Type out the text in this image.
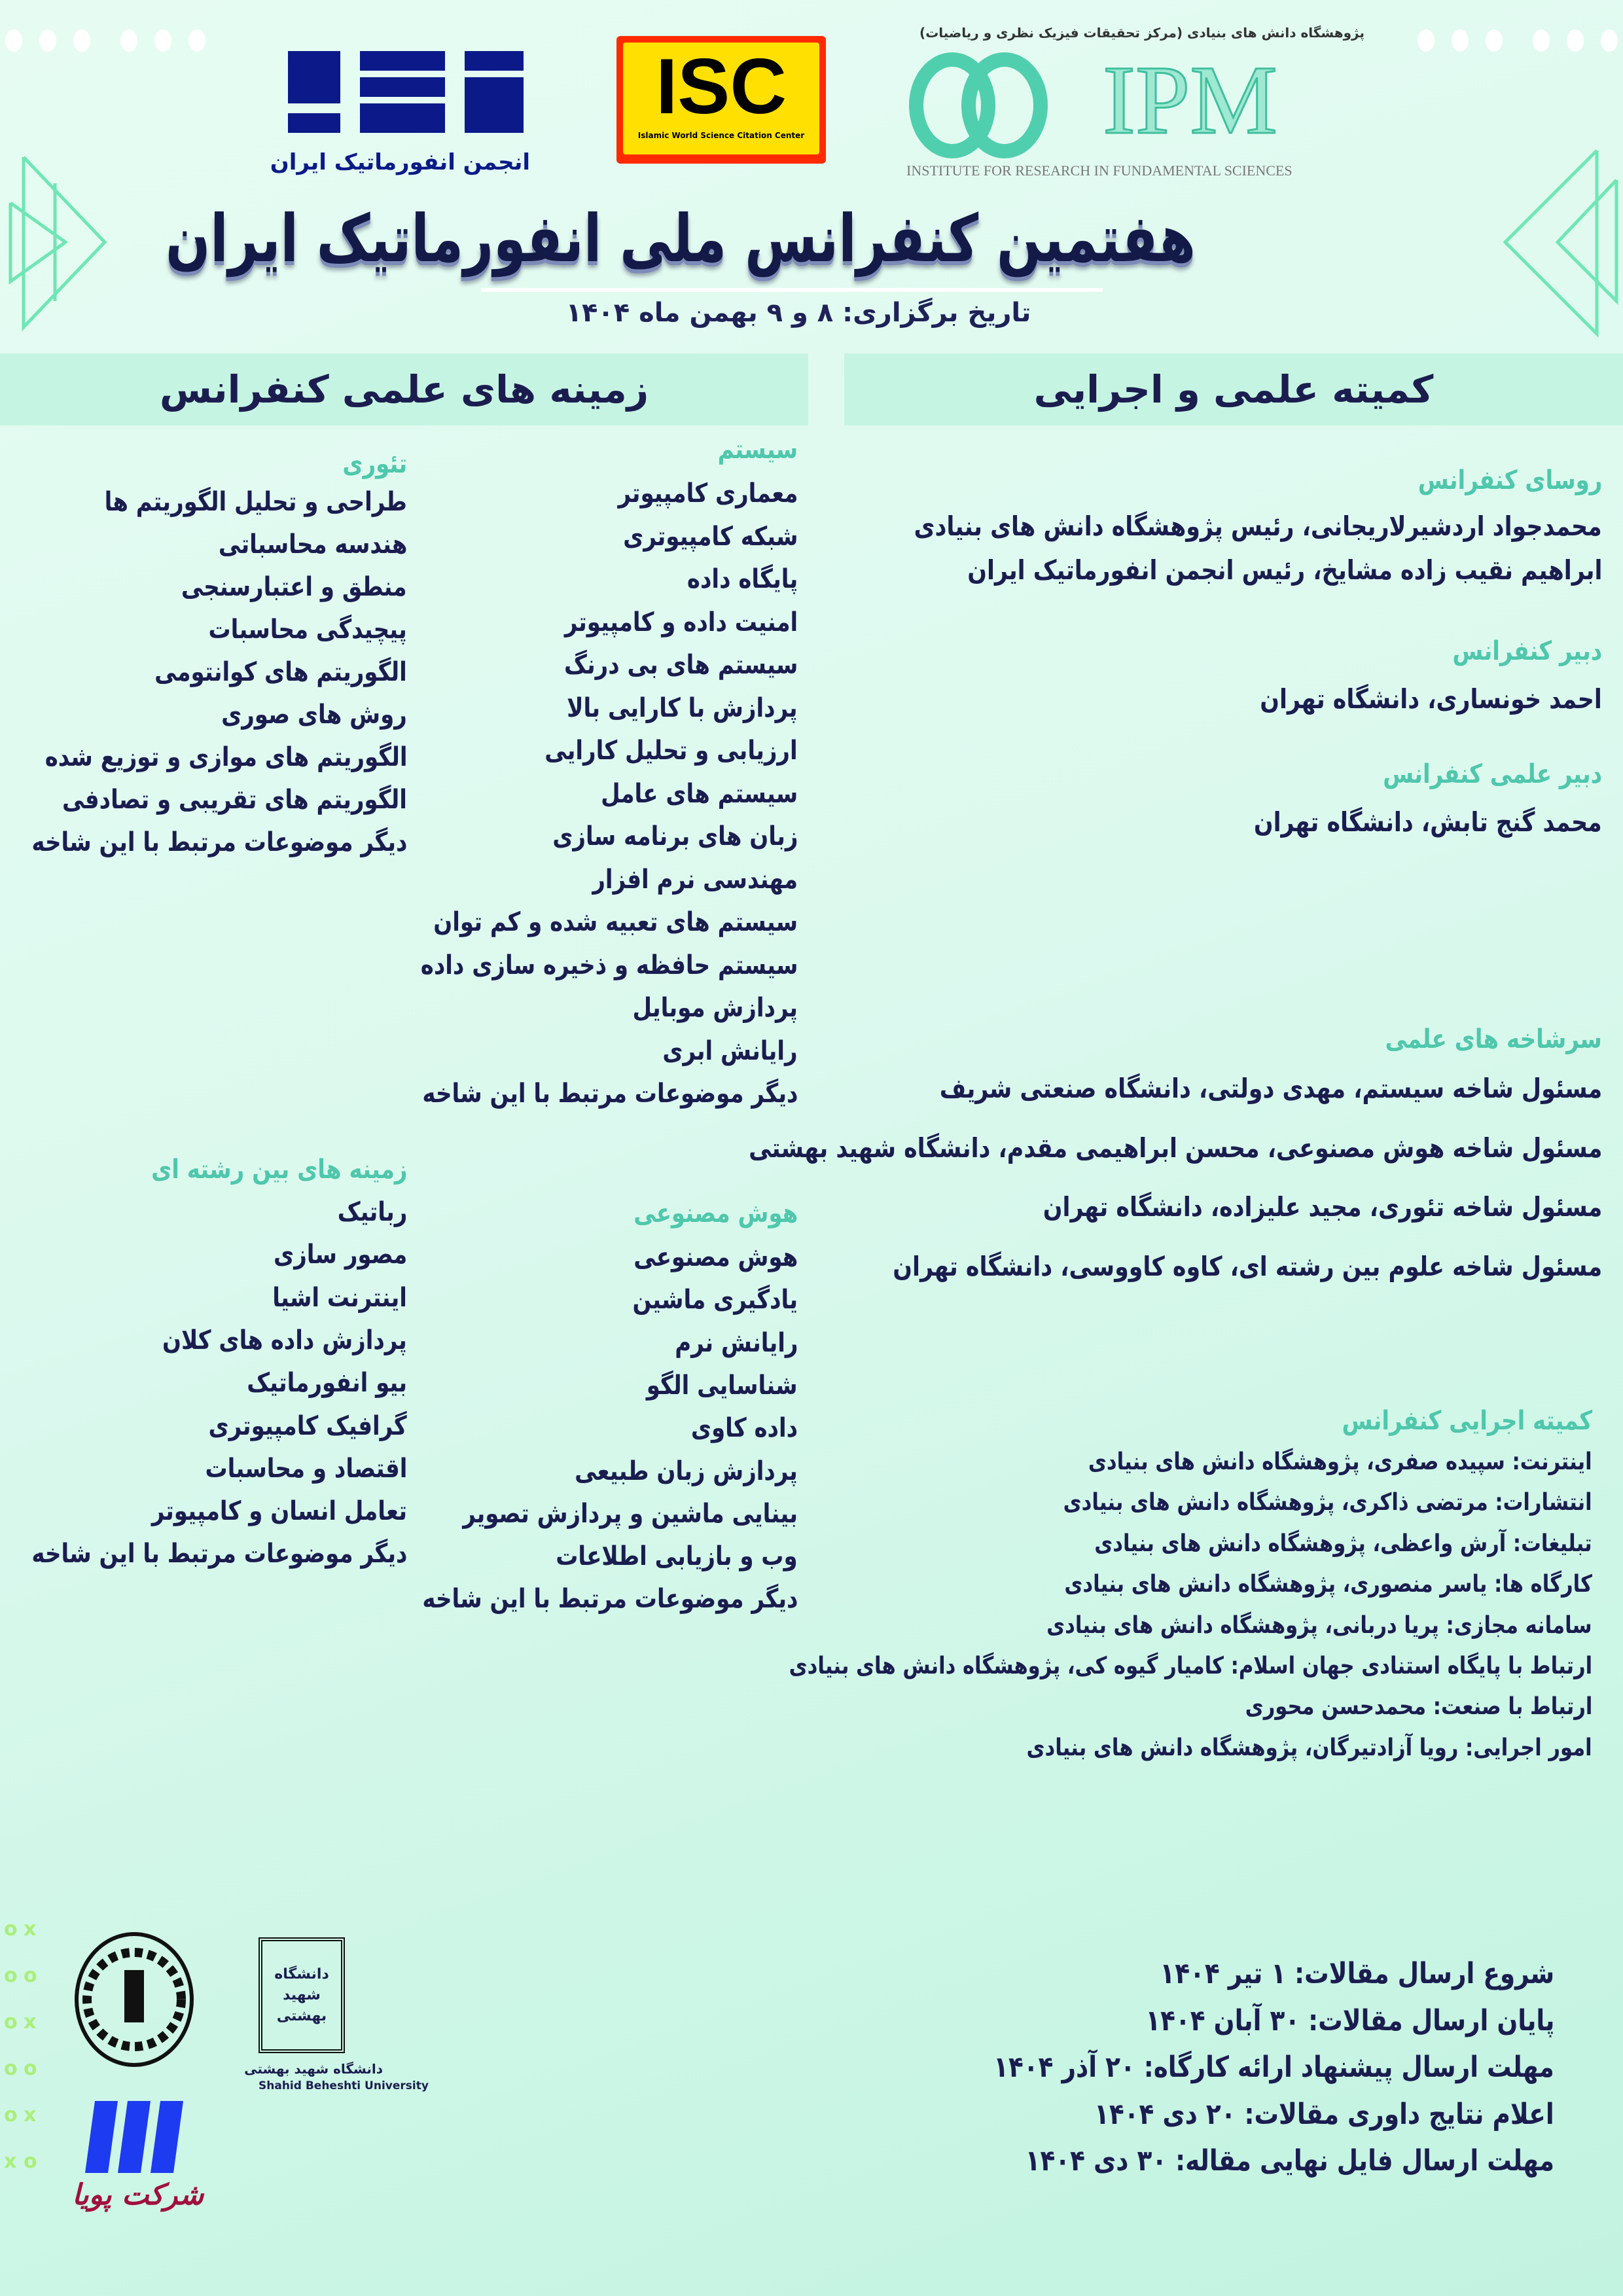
انجمن انفورماتیک ایران
ISC
Islamic World Science Citation Center
پژوهشگاه دانش های بنیادی (مرکز تحقیقات فیزیک نظری و ریاضیات)
IPM
INSTITUTE FOR RESEARCH IN FUNDAMENTAL SCIENCES
هفتمین کنفرانس ملی انفورماتیک ایران
تاریخ برگزاری: ۸ و ۹ بهمن ماه ۱۴۰۴
زمینه های علمی کنفرانس	کمیته علمی و اجرایی
تئوری
طراحی و تحلیل الگوریتم ها
هندسه محاسباتی
منطق و اعتبارسنجی
پیچیدگی محاسبات
الگوریتم های کوانتومی
روش های صوری
الگوریتم های موازی و توزیع شده
الگوریتم های تقریبی و تصادفی
دیگر موضوعات مرتبط با این شاخه
سیستم
معماری کامپیوتر
شبکه کامپیوتری
پایگاه داده
امنیت داده و کامپیوتر
سیستم های بی درنگ
پردازش با کارایی بالا
ارزیابی و تحلیل کارایی
سیستم های عامل
زبان های برنامه سازی
مهندسی نرم افزار
سیستم های تعبیه شده و کم توان
سیستم حافظه و ذخیره سازی داده
پردازش موبایل
رایانش ابری
دیگر موضوعات مرتبط با این شاخه
زمینه های بین رشته ای
رباتیک
مصور سازی
اینترنت اشیا
پردازش داده های کلان
بیو انفورماتیک
گرافیک کامپیوتری
اقتصاد و محاسبات
تعامل انسان و کامپیوتر
دیگر موضوعات مرتبط با این شاخه
هوش مصنوعی
هوش مصنوعی
یادگیری ماشین
رایانش نرم
شناسایی الگو
داده کاوی
پردازش زبان طبیعی
بینایی ماشین و پردازش تصویر
وب و بازیابی اطلاعات
دیگر موضوعات مرتبط با این شاخه
روسای کنفرانس
محمدجواد اردشیرلاریجانی، رئیس پژوهشگاه دانش های بنیادی
ابراهیم نقیب زاده مشایخ، رئیس انجمن انفورماتیک ایران
دبیر کنفرانس
احمد خونساری، دانشگاه تهران
دبیر علمی کنفرانس
محمد گنج تابش، دانشگاه تهران
سرشاخه های علمی
مسئول شاخه سیستم، مهدی دولتی، دانشگاه صنعتی شریف
مسئول شاخه هوش مصنوعی، محسن ابراهیمی مقدم، دانشگاه شهید بهشتی
مسئول شاخه تئوری، مجید علیزاده، دانشگاه تهران
مسئول شاخه علوم بین رشته ای، کاوه کاووسی، دانشگاه تهران
کمیته اجرایی کنفرانس
اینترنت: سپیده صفری، پژوهشگاه دانش های بنیادی
انتشارات: مرتضی ذاکری، پژوهشگاه دانش های بنیادی
تبلیغات: آرش واعظی، پژوهشگاه دانش های بنیادی
کارگاه ها: یاسر منصوری، پژوهشگاه دانش های بنیادی
سامانه مجازی: پریا دربانی، پژوهشگاه دانش های بنیادی
ارتباط با پایگاه استنادی جهان اسلام: کامیار گیوه کی، پژوهشگاه دانش های بنیادی
ارتباط با صنعت: محمدحسن محوری
امور اجرایی: رویا آزادتیرگان، پژوهشگاه دانش های بنیادی
شروع ارسال مقالات: ۱ تیر ۱۴۰۴
پایان ارسال مقالات: ۳۰ آبان ۱۴۰۴
مهلت ارسال پیشنهاد ارائه کارگاه: ۲۰ آذر ۱۴۰۴
اعلام نتایج داوری مقالات: ۲۰ دی ۱۴۰۴
مهلت ارسال فایل نهایی مقاله: ۳۰ دی ۱۴۰۴
o x
o o
o x
o o
o x
x o
دانشگاه شهید بهشتی
دانشگاه شهید بهشتی
Shahid Beheshti University
شرکت پویا
